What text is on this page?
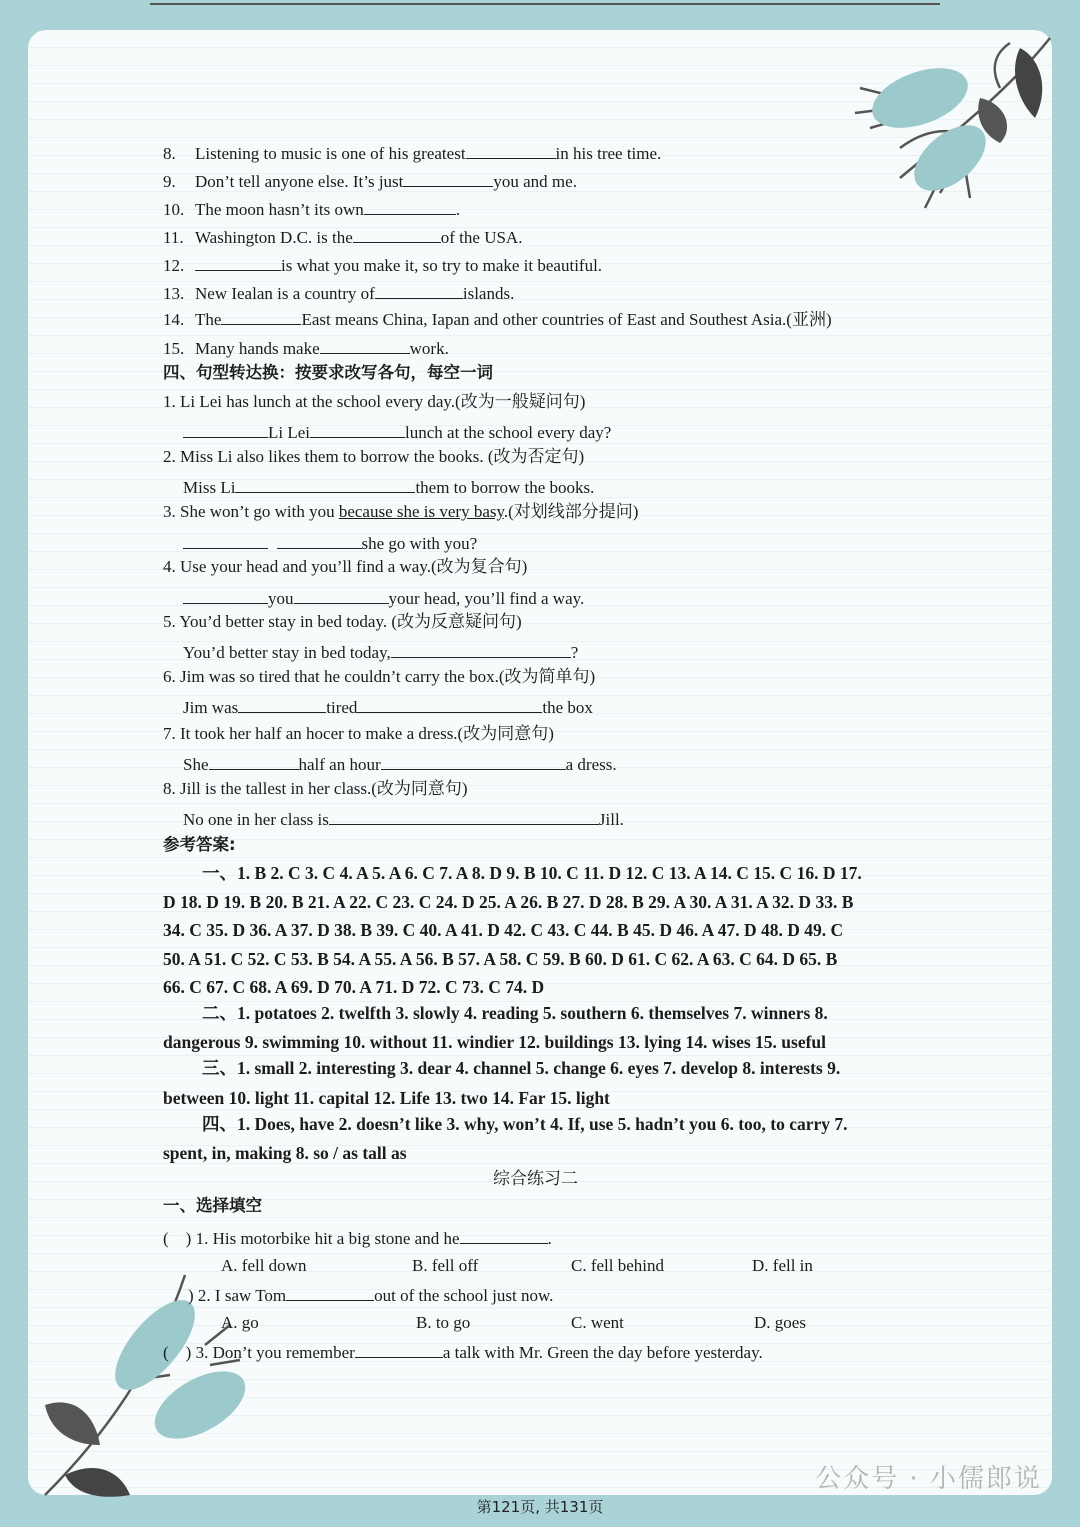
8. Listening to music is one of his greatest	in his tree time.
9. Don’t tell anyone else. It’s just	you and me.
10. The moon hasn’t its own	.
11. Washington D.C. is the	of the USA.
12.	is what you make it, so try to make it beautiful.
13. New Iealan is a country of	islands.
14. The	East means China, Iapan and other countries of East and Southest Asia.(亚洲)
15. Many hands make	work.
四、句型转达换：按要求改写各句，每空一词
1. Li Lei has lunch at the school every day.(改为一般疑问句)
Li Lei	lunch at the school every day?
2. Miss Li also likes them to borrow the books. (改为否定句)
Miss Li	them to borrow the books.
3. She won’t go with you because she is very basy.(对划线部分提问)
she go with you?
4. Use your head and you’ll find a way.(改为复合句)
you	your head, you’ll find a way.
5. You’d better stay in bed today. (改为反意疑问句)
You’d better stay in bed today,	?
6. Jim was so tired that he couldn’t carry the box.(改为简单句)
Jim was	tired	the box
7. It took her half an hocer to make a dress.(改为同意句)
She	half an hour	a dress.
8. Jill is the tallest in her class.(改为同意句)
No one in her class is	Jill.
参考答案:
一、1. B 2. C 3. C 4. A 5. A 6. C 7. A 8. D 9. B 10. C 11. D 12. C 13. A 14. C 15. C 16. D 17.
D 18. D 19. B 20. B 21. A 22. C 23. C 24. D 25. A 26. B 27. D 28. B 29. A 30. A 31. A 32. D 33. B
34. C 35. D 36. A 37. D 38. B 39. C 40. A 41. D 42. C 43. C 44. B 45. D 46. A 47. D 48. D 49. C
50. A 51. C 52. C 53. B 54. A 55. A 56. B 57. A 58. C 59. B 60. D 61. C 62. A 63. C 64. D 65. B
66. C 67. C 68. A 69. D 70. A 71. D 72. C 73. C 74. D
二、1. potatoes 2. twelfth 3. slowly 4. reading 5. southern 6. themselves 7. winners 8.
dangerous 9. swimming 10. without 11. windier 12. buildings 13. lying 14. wises 15. useful
三、1. small 2. interesting 3. dear 4. channel 5. change 6. eyes 7. develop 8. interests 9.
between 10. light 11. capital 12. Life 13. two 14. Far 15. light
四、1. Does, have 2. doesn’t like 3. why, won’t 4. If, use 5. hadn’t you 6. too, to carry 7.
spent, in, making 8. so / as tall as
综合练习二
一、选择填空
( ) 1. His motorbike hit a big stone and he	.
A. fell down	B. fell off	C. fell behind	D. fell in
) 2. I saw Tom	out of the school just now.
A. go	B. to go	C. went	D. goes
( ) 3. Don’t you remember	a talk with Mr. Green the day before yesterday.
公众号 · 小儒郎说
第121页, 共131页
